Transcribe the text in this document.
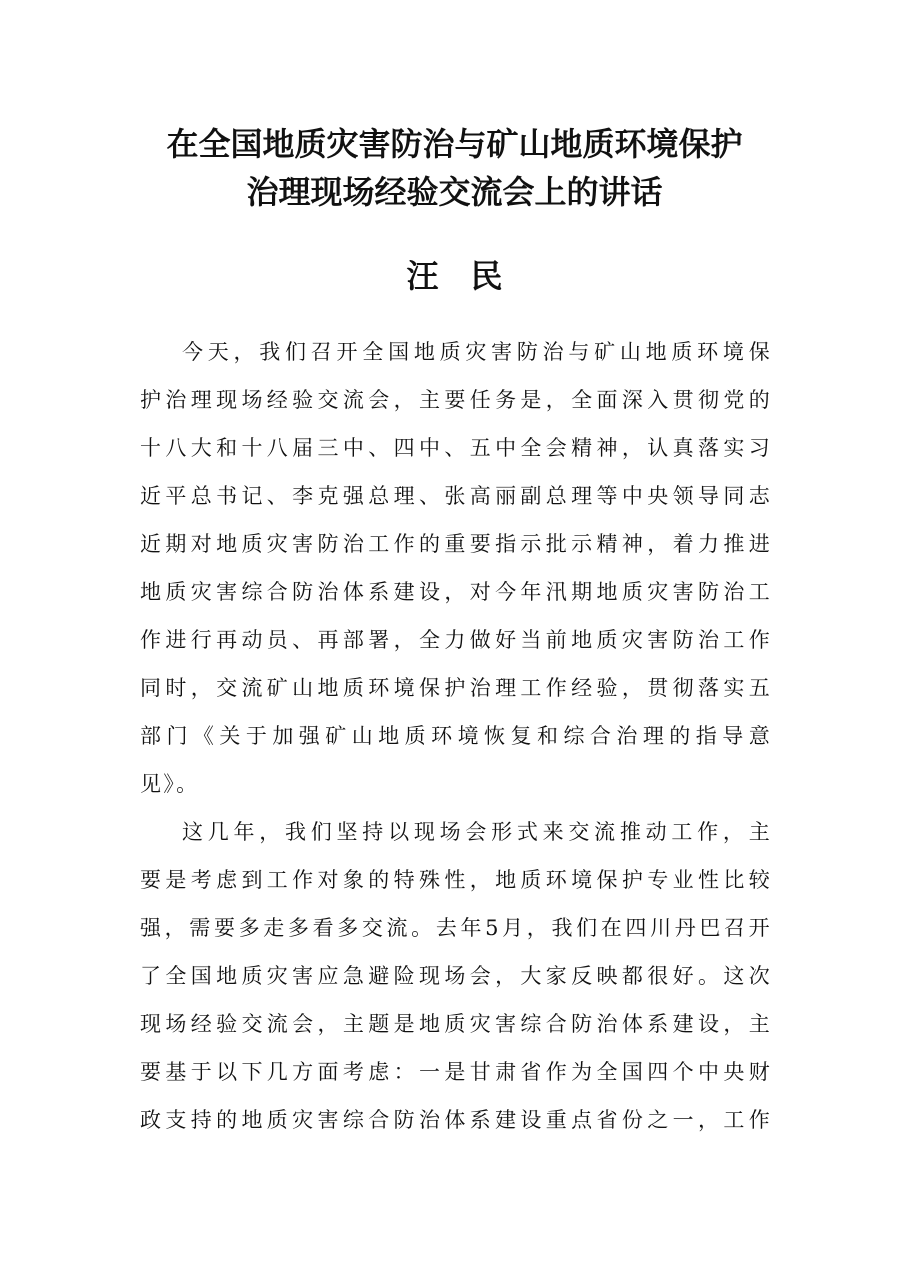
在全国地质灾害防治与矿山地质环境保护
治理现场经验交流会上的讲话
汪民
今天，我们召开全国地质灾害防治与矿山地质环境保
护治理现场经验交流会，主要任务是，全面深入贯彻党的
十八大和十八届三中、四中、五中全会精神，认真落实习
近平总书记、李克强总理、张高丽副总理等中央领导同志
近期对地质灾害防治工作的重要指示批示精神，着力推进
地质灾害综合防治体系建设，对今年汛期地质灾害防治工
作进行再动员、再部署，全力做好当前地质灾害防治工作
同时，交流矿山地质环境保护治理工作经验，贯彻落实五
部门《关于加强矿山地质环境恢复和综合治理的指导意
见》。
这几年，我们坚持以现场会形式来交流推动工作，主
要是考虑到工作对象的特殊性，地质环境保护专业性比较
强，需要多走多看多交流。去年5月，我们在四川丹巴召开
了全国地质灾害应急避险现场会，大家反映都很好。这次
现场经验交流会，主题是地质灾害综合防治体系建设，主
要基于以下几方面考虑：一是甘肃省作为全国四个中央财
政支持的地质灾害综合防治体系建设重点省份之一，工作
